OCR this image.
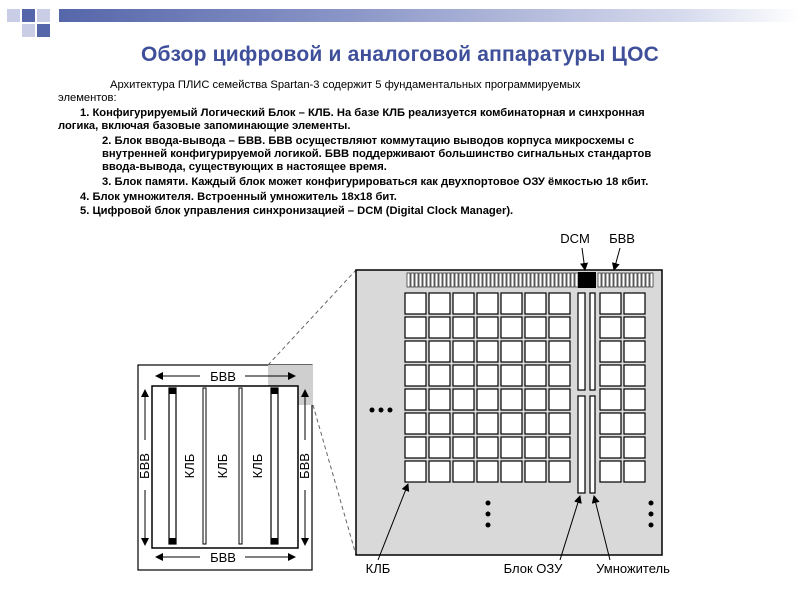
Обзор цифровой и аналоговой аппаратуры ЦОС

Архитектура ПЛИС семейства Spartan-3 содержит 5 фундаментальных программируемых

элементов:

1. Конфигурируемый Логический Блок – КЛБ. На базе КЛБ реализуется комбинаторная и синхронная

логика, включая базовые запоминающие элементы.

2. Блок ввода-вывода – БВВ. БВВ осуществляют коммутацию выводов корпуса микросхемы с

внутренней конфигурируемой логикой. БВВ поддерживают большинство сигнальных стандартов

ввода-вывода, существующих в настоящее время.

3. Блок памяти. Каждый блок может конфигурироваться как двухпортовое ОЗУ ёмкостью 18 кбит.

4. Блок умножителя. Встроенный умножитель 18х18 бит.

5. Цифровой блок управления синхронизацией – DCM (Digital Clock Manager).

БВВ
БВВ
БВВ	БВВ
КЛБ КЛБ КЛБ
DCM БВВ
КЛБ	Блок ОЗУ	Умножитель
